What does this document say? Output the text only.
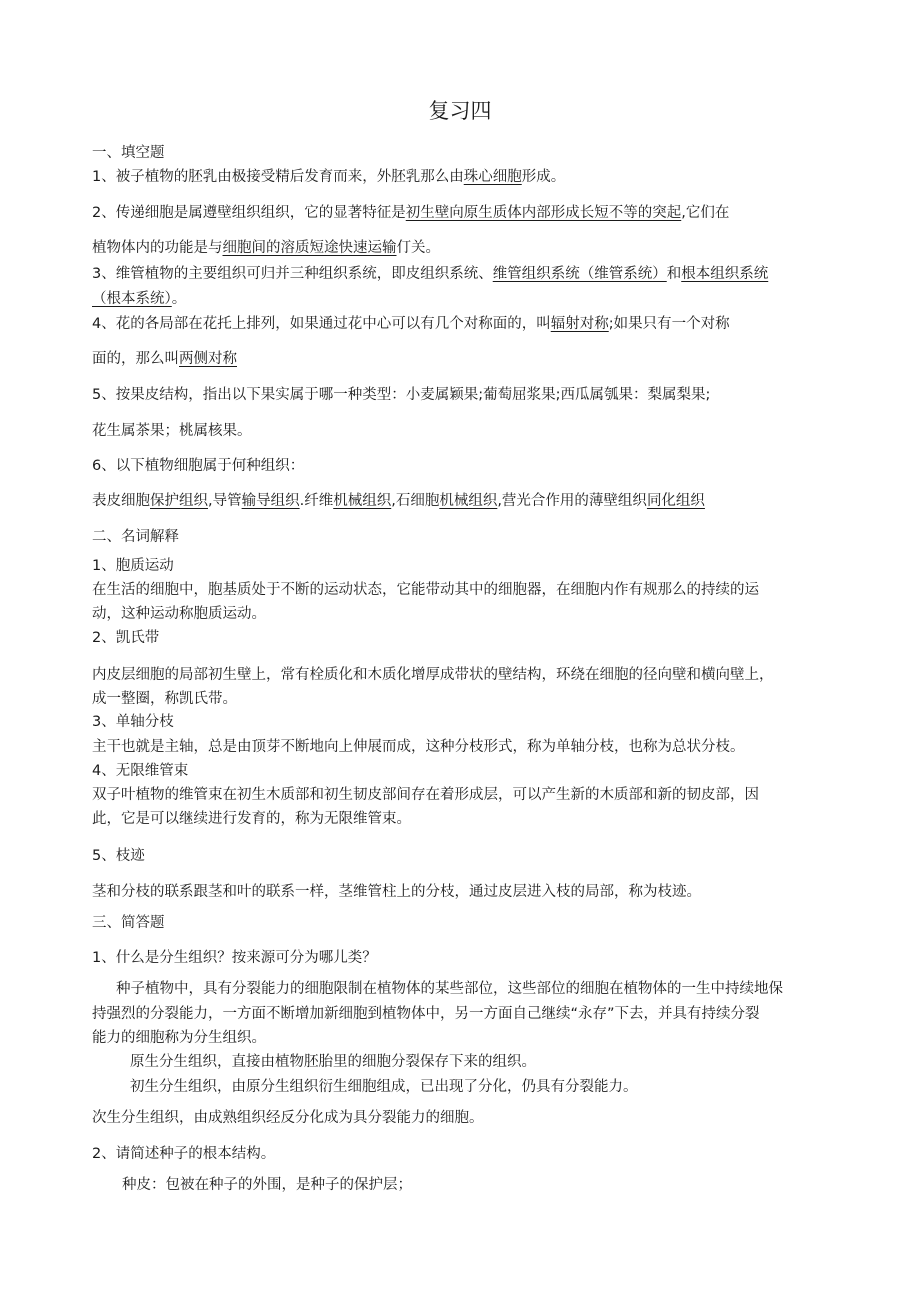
复习四
一、填空题
1、被子植物的胚乳由极接受精后发育而来，外胚乳那么由珠心细胞形成。
2、传递细胞是属遵壁组织组织，它的显著特征是初生壁向原生质体内部形成长短不等的突起,它们在
植物体内的功能是与细胞间的溶质短途快速运输仃关。
3、维管植物的主要组织可归并三种组织系统，即皮组织系统、维管组织系统（维管系统）和根本组织系统
（根本系统）。
4、花的各局部在花托上排列，如果通过花中心可以有几个对称面的，叫辐射对称;如果只有一个对称
面的，那么叫两侧对称
5、按果皮结构，指出以下果实属于哪一种类型：小麦属颖果;葡萄屈浆果;西瓜属瓠果：梨属梨果;
花生属茶果；桃属核果。
6、以下植物细胞属于何种组织：
表皮细胞保护组织,导管输导组织.纤维机械组织,石细胞机械组织,营光合作用的薄壁组织同化组织
二、名词解释
1、胞质运动
在生活的细胞中，胞基质处于不断的运动状态，它能带动其中的细胞器，在细胞内作有规那么的持续的运
动，这种运动称胞质运动。
2、凯氏带
内皮层细胞的局部初生壁上，常有栓质化和木质化增厚成带状的壁结构，环绕在细胞的径向壁和横向壁上，
成一整圈，称凯氏带。
3、单轴分枝
主干也就是主轴，总是由顶芽不断地向上伸展而成，这种分枝形式，称为单轴分枝，也称为总状分枝。
4、无限维管束
双子叶植物的维管束在初生木质部和初生韧皮部间存在着形成层，可以产生新的木质部和新的韧皮部，因
此，它是可以继续进行发育的，称为无限维管束。
5、枝迹
茎和分枝的联系跟茎和叶的联系一样，茎维管柱上的分枝，通过皮层进入枝的局部，称为枝迹。
三、简答题
1、什么是分生组织？按来源可分为哪儿类？
种子植物中，具有分裂能力的细胞限制在植物体的某些部位，这些部位的细胞在植物体的一生中持续地保
持强烈的分裂能力，一方面不断增加新细胞到植物体中，另一方面自己继续“永存”下去，并具有持续分裂
能力的细胞称为分生组织。
原生分生组织，直接由植物胚胎里的细胞分裂保存下来的组织。
初生分生组织，由原分生组织衍生细胞组成，已出现了分化，仍具有分裂能力。
次生分生组织，由成熟组织经反分化成为具分裂能力的细胞。
2、请简述种子的根本结构。
种皮：包被在种子的外围，是种子的保护层；
